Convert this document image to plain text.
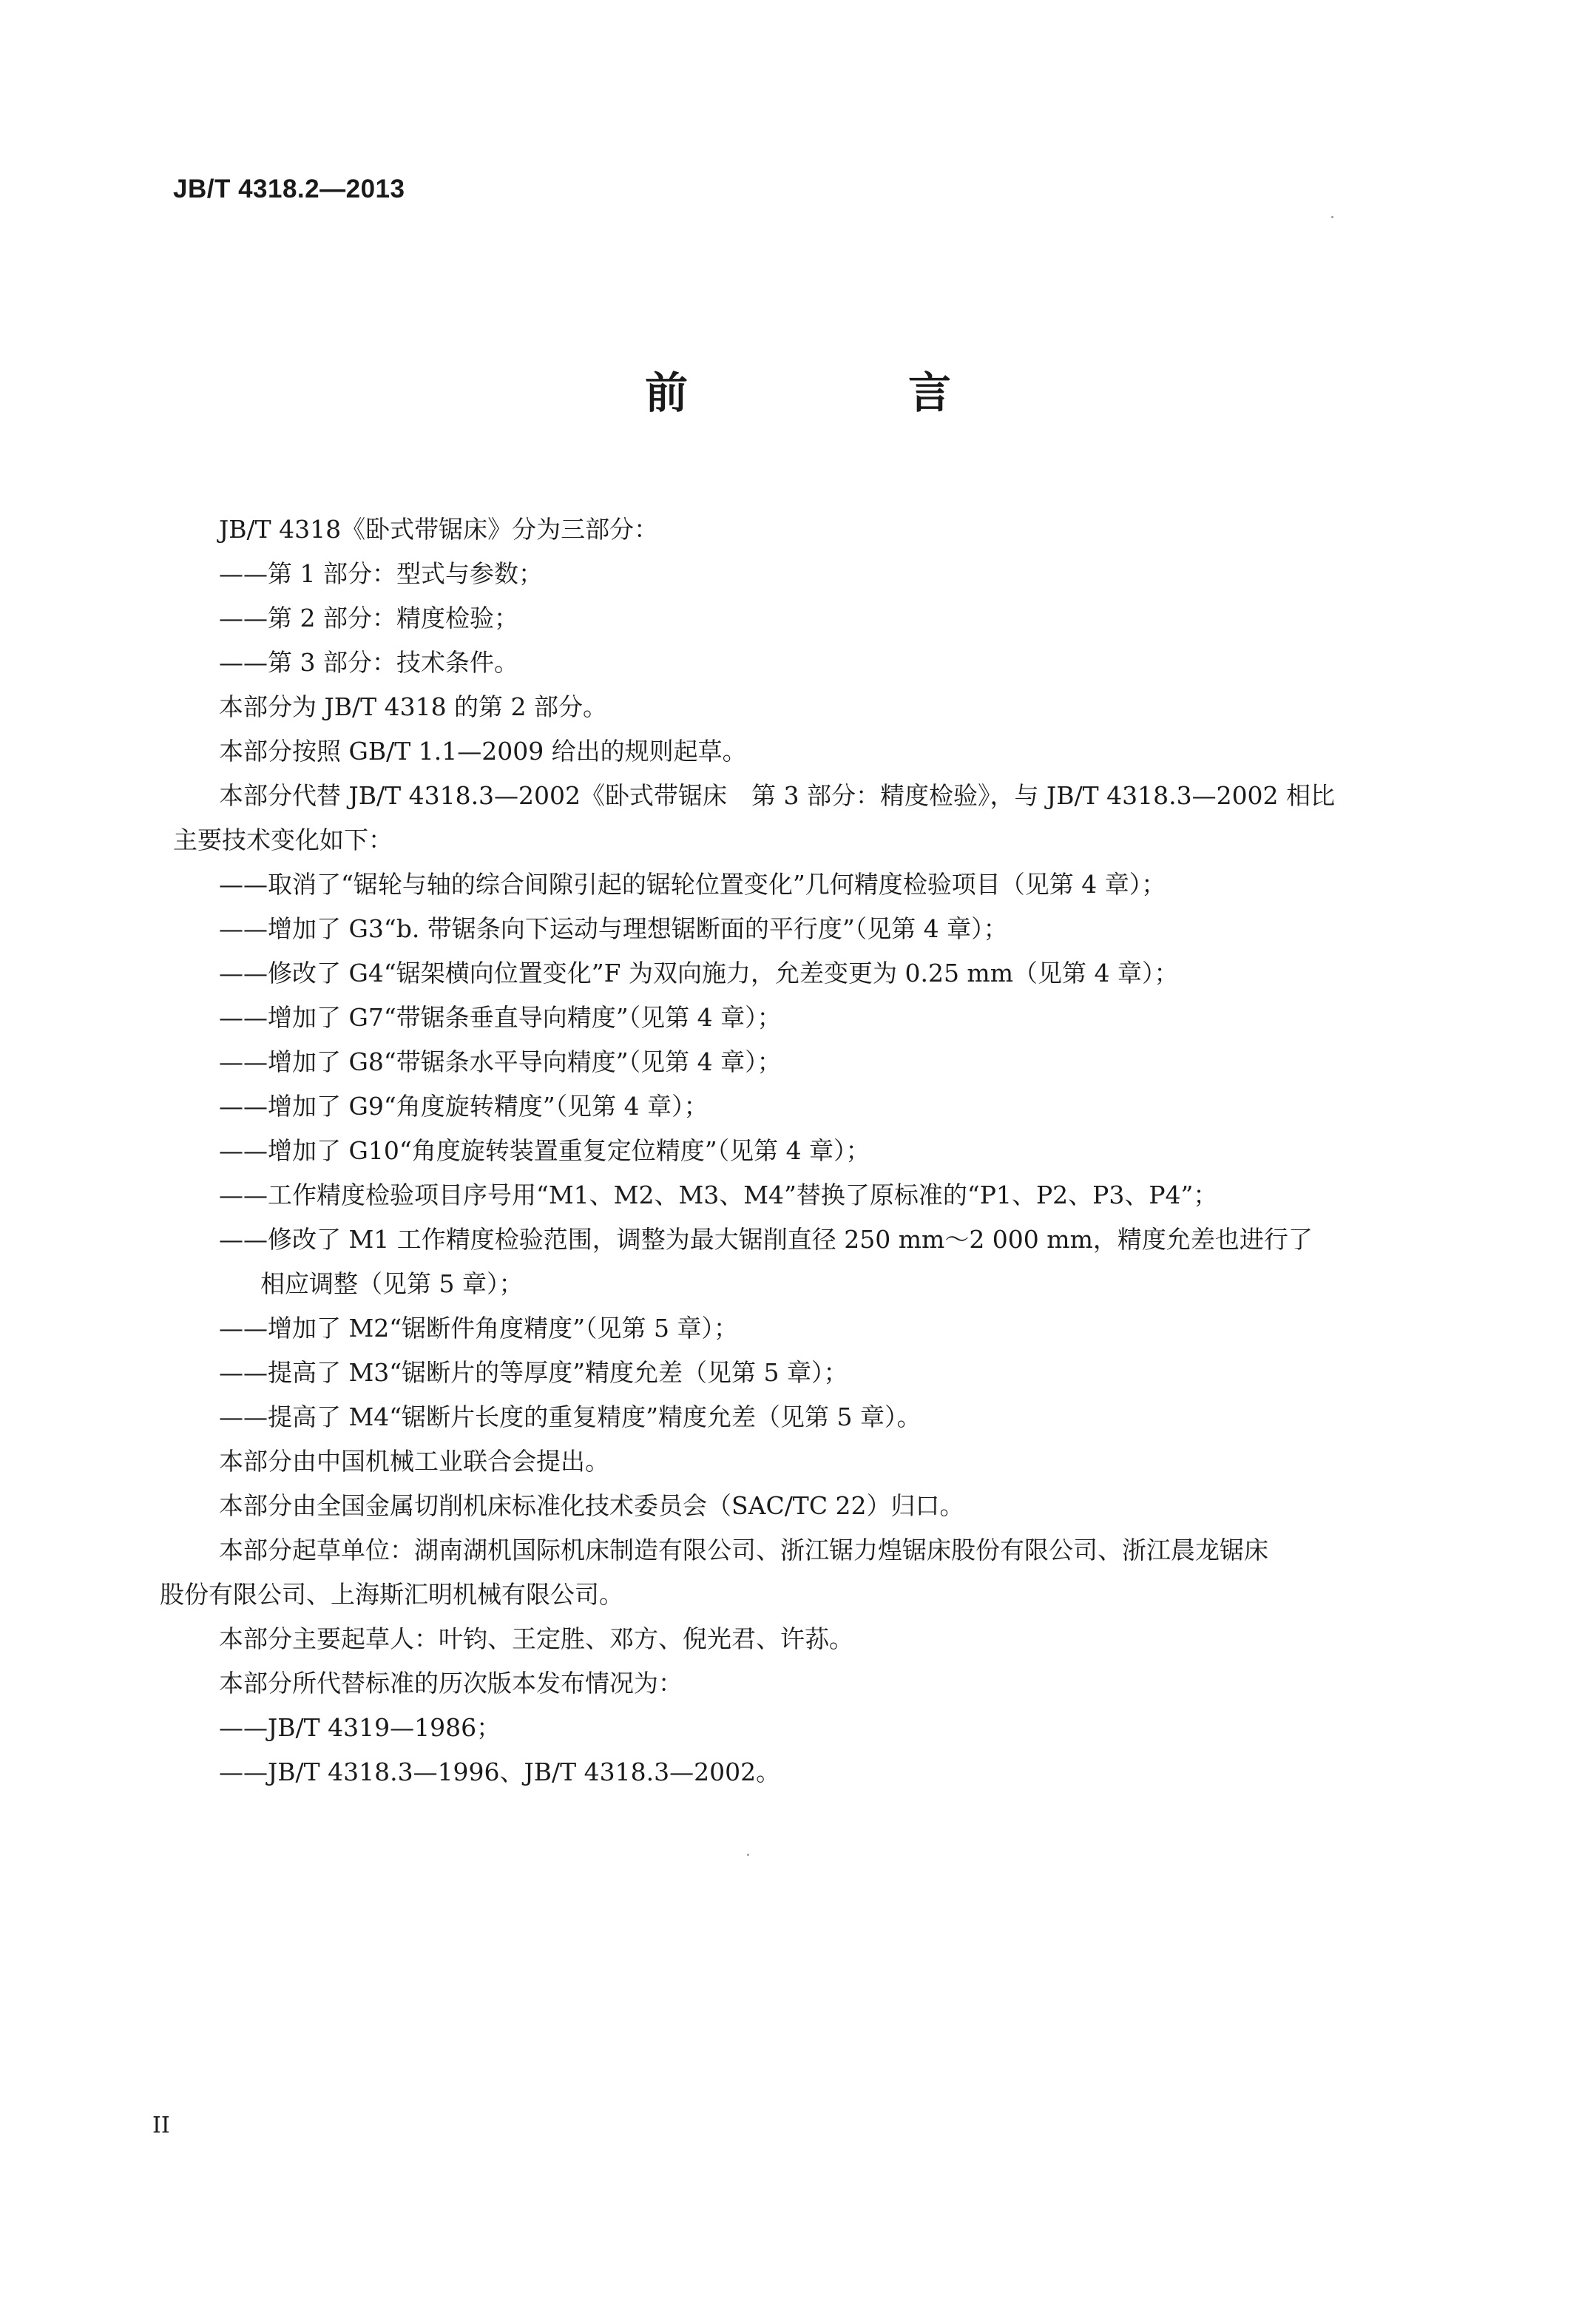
JB/T 4318.2—2013
前　言
JB/T 4318《卧式带锯床》分为三部分：
——第 1 部分：型式与参数；
——第 2 部分：精度检验；
——第 3 部分：技术条件。
本部分为 JB/T 4318 的第 2 部分。
本部分按照 GB/T 1.1—2009 给出的规则起草。
本部分代替 JB/T 4318.3—2002《卧式带锯床　第 3 部分：精度检验》，与 JB/T 4318.3—2002 相比
主要技术变化如下：
——取消了“锯轮与轴的综合间隙引起的锯轮位置变化”几何精度检验项目（见第 4 章）；
——增加了 G3“b. 带锯条向下运动与理想锯断面的平行度”（见第 4 章）；
——修改了 G4“锯架横向位置变化”F 为双向施力，允差变更为 0.25 mm（见第 4 章）；
——增加了 G7“带锯条垂直导向精度”（见第 4 章）；
——增加了 G8“带锯条水平导向精度”（见第 4 章）；
——增加了 G9“角度旋转精度”（见第 4 章）；
——增加了 G10“角度旋转装置重复定位精度”（见第 4 章）；
——工作精度检验项目序号用“M1、M2、M3、M4”替换了原标准的“P1、P2、P3、P4”；
——修改了 M1 工作精度检验范围，调整为最大锯削直径 250 mm～2 000 mm，精度允差也进行了
相应调整（见第 5 章）；
——增加了 M2“锯断件角度精度”（见第 5 章）；
——提高了 M3“锯断片的等厚度”精度允差（见第 5 章）；
——提高了 M4“锯断片长度的重复精度”精度允差（见第 5 章）。
本部分由中国机械工业联合会提出。
本部分由全国金属切削机床标准化技术委员会（SAC/TC 22）归口。
本部分起草单位：湖南湖机国际机床制造有限公司、浙江锯力煌锯床股份有限公司、浙江晨龙锯床
股份有限公司、上海斯汇明机械有限公司。
本部分主要起草人：叶钧、王定胜、邓方、倪光君、许荪。
本部分所代替标准的历次版本发布情况为：
——JB/T 4319—1986；
——JB/T 4318.3—1996、JB/T 4318.3—2002。
II
